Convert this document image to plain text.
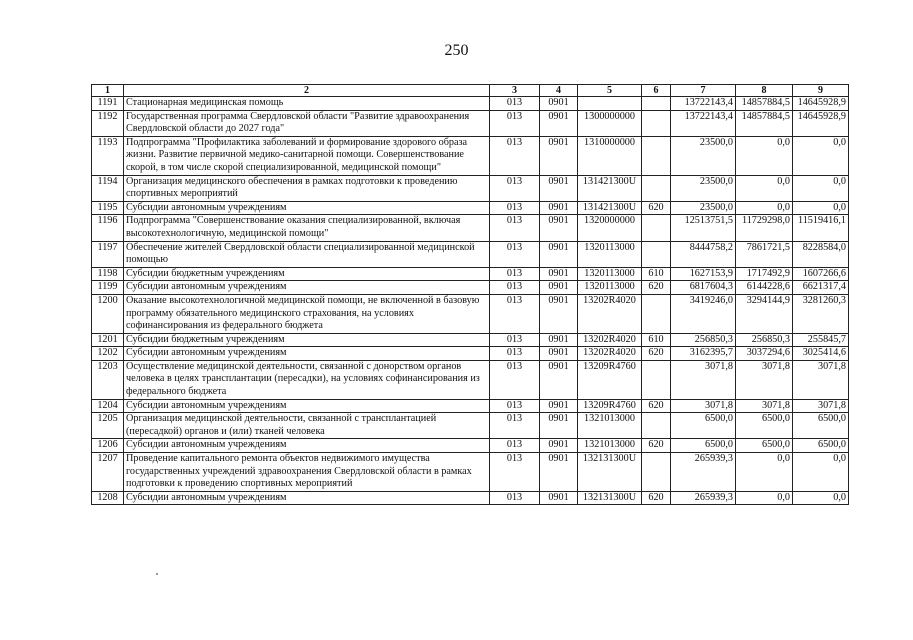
250
1	2	3	4	5	6	7	8	9
1191	Стационарная медицинская помощь	013	0901			13722143,4	14857884,5	14645928,9
1192	Государственная программа Свердловской области "Развитие здравоохранения Свердловской области до 2027 года"	013	0901	1300000000		13722143,4	14857884,5	14645928,9
1193	Подпрограмма "Профилактика заболеваний и формирование здорового образа жизни. Развитие первичной медико-санитарной помощи. Совершенствование скорой, в том числе скорой специализированной, медицинской помощи"	013	0901	1310000000		23500,0	0,0	0,0
1194	Организация медицинского обеспечения в рамках подготовки к проведению спортивных мероприятий	013	0901	131421300U		23500,0	0,0	0,0
1195	Субсидии автономным учреждениям	013	0901	131421300U	620	23500,0	0,0	0,0
1196	Подпрограмма "Совершенствование оказания специализированной, включая высокотехнологичную, медицинской помощи"	013	0901	1320000000		12513751,5	11729298,0	11519416,1
1197	Обеспечение жителей Свердловской области специализированной медицинской помощью	013	0901	1320113000		8444758,2	7861721,5	8228584,0
1198	Субсидии бюджетным учреждениям	013	0901	1320113000	610	1627153,9	1717492,9	1607266,6
1199	Субсидии автономным учреждениям	013	0901	1320113000	620	6817604,3	6144228,6	6621317,4
1200	Оказание высокотехнологичной медицинской помощи, не включенной в базовую программу обязательного медицинского страхования, на условиях софинансирования из федерального бюджета	013	0901	13202R4020		3419246,0	3294144,9	3281260,3
1201	Субсидии бюджетным учреждениям	013	0901	13202R4020	610	256850,3	256850,3	255845,7
1202	Субсидии автономным учреждениям	013	0901	13202R4020	620	3162395,7	3037294,6	3025414,6
1203	Осуществление медицинской деятельности, связанной с донорством органов человека в целях трансплантации (пересадки), на условиях софинансирования из федерального бюджета	013	0901	13209R4760		3071,8	3071,8	3071,8
1204	Субсидии автономным учреждениям	013	0901	13209R4760	620	3071,8	3071,8	3071,8
1205	Организация медицинской деятельности, связанной с трансплантацией (пересадкой) органов и (или) тканей человека	013	0901	1321013000		6500,0	6500,0	6500,0
1206	Субсидии автономным учреждениям	013	0901	1321013000	620	6500,0	6500,0	6500,0
1207	Проведение капитального ремонта объектов недвижимого имущества государственных учреждений здравоохранения Свердловской области в рамках подготовки к проведению спортивных мероприятий	013	0901	132131300U		265939,3	0,0	0,0
1208	Субсидии автономным учреждениям	013	0901	132131300U	620	265939,3	0,0	0,0
